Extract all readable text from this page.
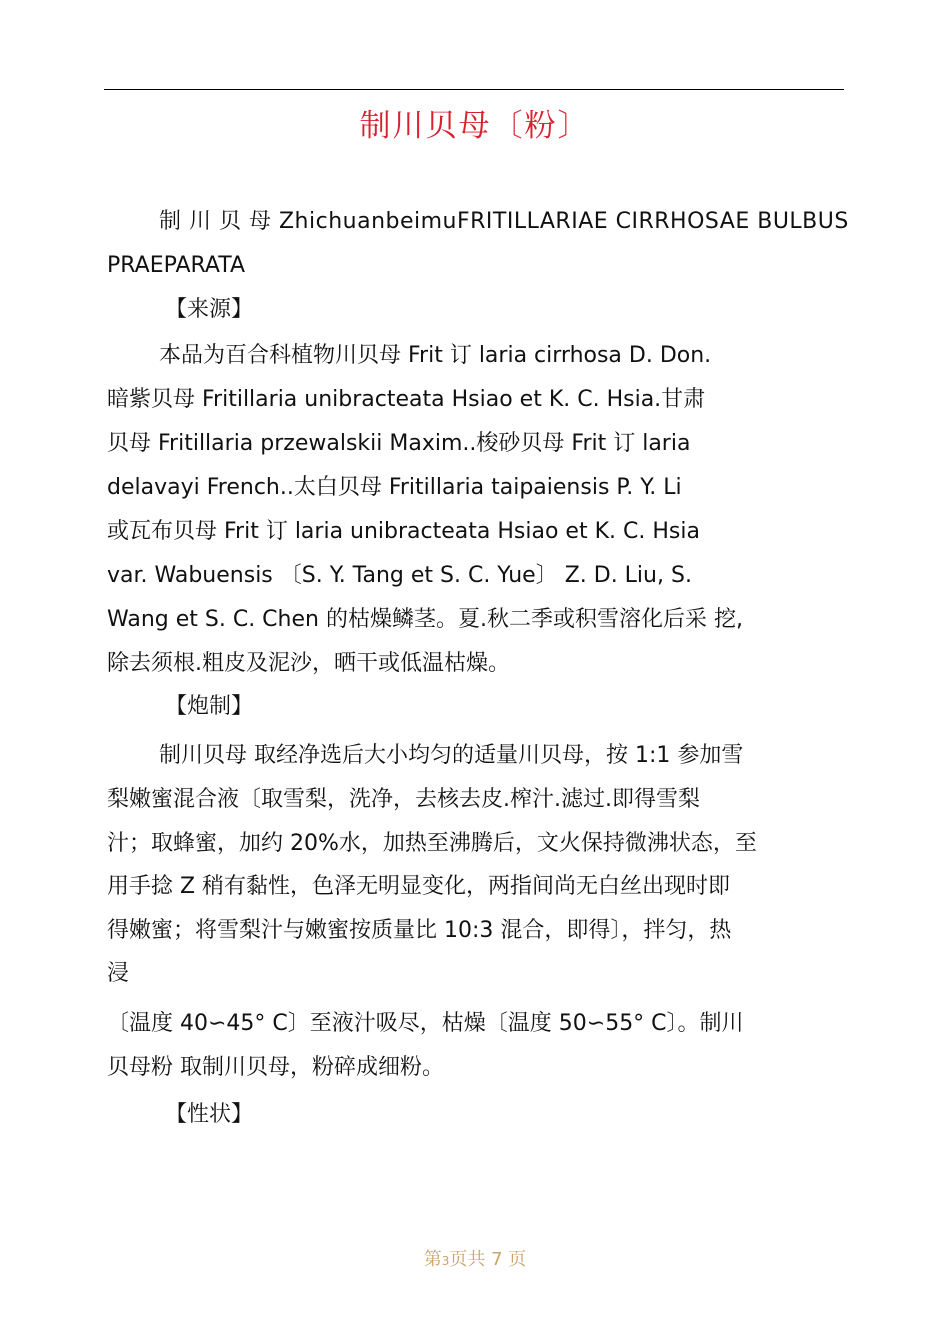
制川贝母〔粉〕
制 川 贝 母 ZhichuanbeimuFRITILLARIAE CIRRHOSAE BULBUS
PRAEPARATA
【来源】
本品为百合科植物川贝母 Frit 订 laria cirrhosa D. Don.
暗紫贝母 Fritillaria unibracteata Hsiao et K. C. Hsia.甘肃
贝母 Fritillaria przewalskii Maxim..梭砂贝母 Frit 订 laria
delavayi French..太白贝母 Fritillaria taipaiensis P. Y. Li
或瓦布贝母 Frit 订 laria unibracteata Hsiao et K. C. Hsia
var. Wabuensis 〔S. Y. Tang et S. C. Yue〕 Z. D. Liu, S.
Wang et S. C. Chen 的枯燥鳞茎。夏.秋二季或积雪溶化后采 挖,
除去须根.粗皮及泥沙，晒干或低温枯燥。
【炮制】
制川贝母 取经净选后大小均匀的适量川贝母，按 1:1 参加雪
梨嫩蜜混合液〔取雪梨，洗净，去核去皮.榨汁.滤过.即得雪梨
汁；取蜂蜜，加约 20%水，加热至沸腾后，文火保持微沸状态，至
用手捻 Z 稍有黏性，色泽无明显变化，两指间尚无白丝出现时即
得嫩蜜；将雪梨汁与嫩蜜按质量比 10:3 混合，即得〕，拌匀，热
浸
〔温度 40∽45° C〕至液汁吸尽，枯燥〔温度 50∽55° C〕。制川
贝母粉 取制川贝母，粉碎成细粉。
【性状】
第3页共 7 页
